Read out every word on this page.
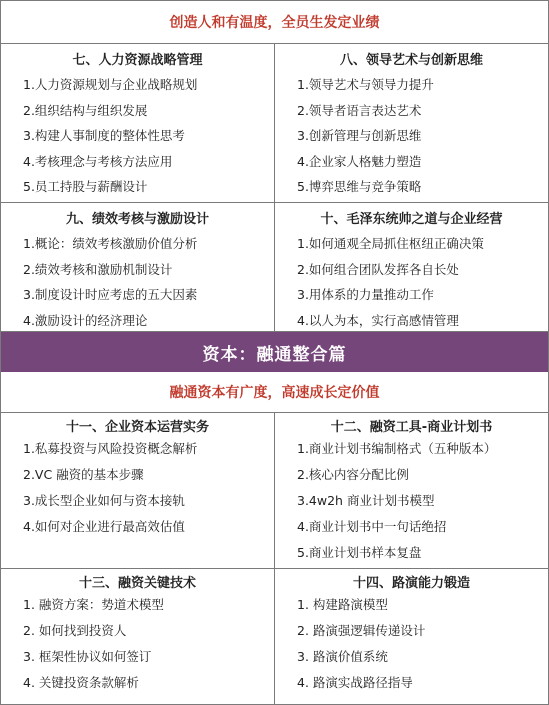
创造人和有温度，全员生发定业绩
七、人力资源战略管理
1.人力资源规划与企业战略规划
2.组织结构与组织发展
3.构建人事制度的整体性思考
4.考核理念与考核方法应用
5.员工持股与薪酬设计
八、领导艺术与创新思维
1.领导艺术与领导力提升
2.领导者语言表达艺术
3.创新管理与创新思维
4.企业家人格魅力塑造
5.博弈思维与竞争策略
九、绩效考核与激励设计
1.概论：绩效考核激励价值分析
2.绩效考核和激励机制设计
3.制度设计时应考虑的五大因素
4.激励设计的经济理论
十、毛泽东统帅之道与企业经营
1.如何通观全局抓住枢纽正确决策
2.如何组合团队发挥各自长处
3.用体系的力量推动工作
4.以人为本，实行高感情管理
资本：融通整合篇
融通资本有广度，高速成长定价值
十一、企业资本运营实务
1.私募投资与风险投资概念解析
2.VC 融资的基本步骤
3.成长型企业如何与资本接轨
4.如何对企业进行最高效估值
十二、融资工具-商业计划书
1.商业计划书编制格式（五种版本）
2.核心内容分配比例
3.4w2h 商业计划书模型
4.商业计划书中一句话绝招
5.商业计划书样本复盘
十三、融资关键技术
1. 融资方案：势道术模型
2. 如何找到投资人
3. 框架性协议如何签订
4. 关键投资条款解析
十四、路演能力锻造
1. 构建路演模型
2. 路演强逻辑传递设计
3. 路演价值系统
4. 路演实战路径指导
